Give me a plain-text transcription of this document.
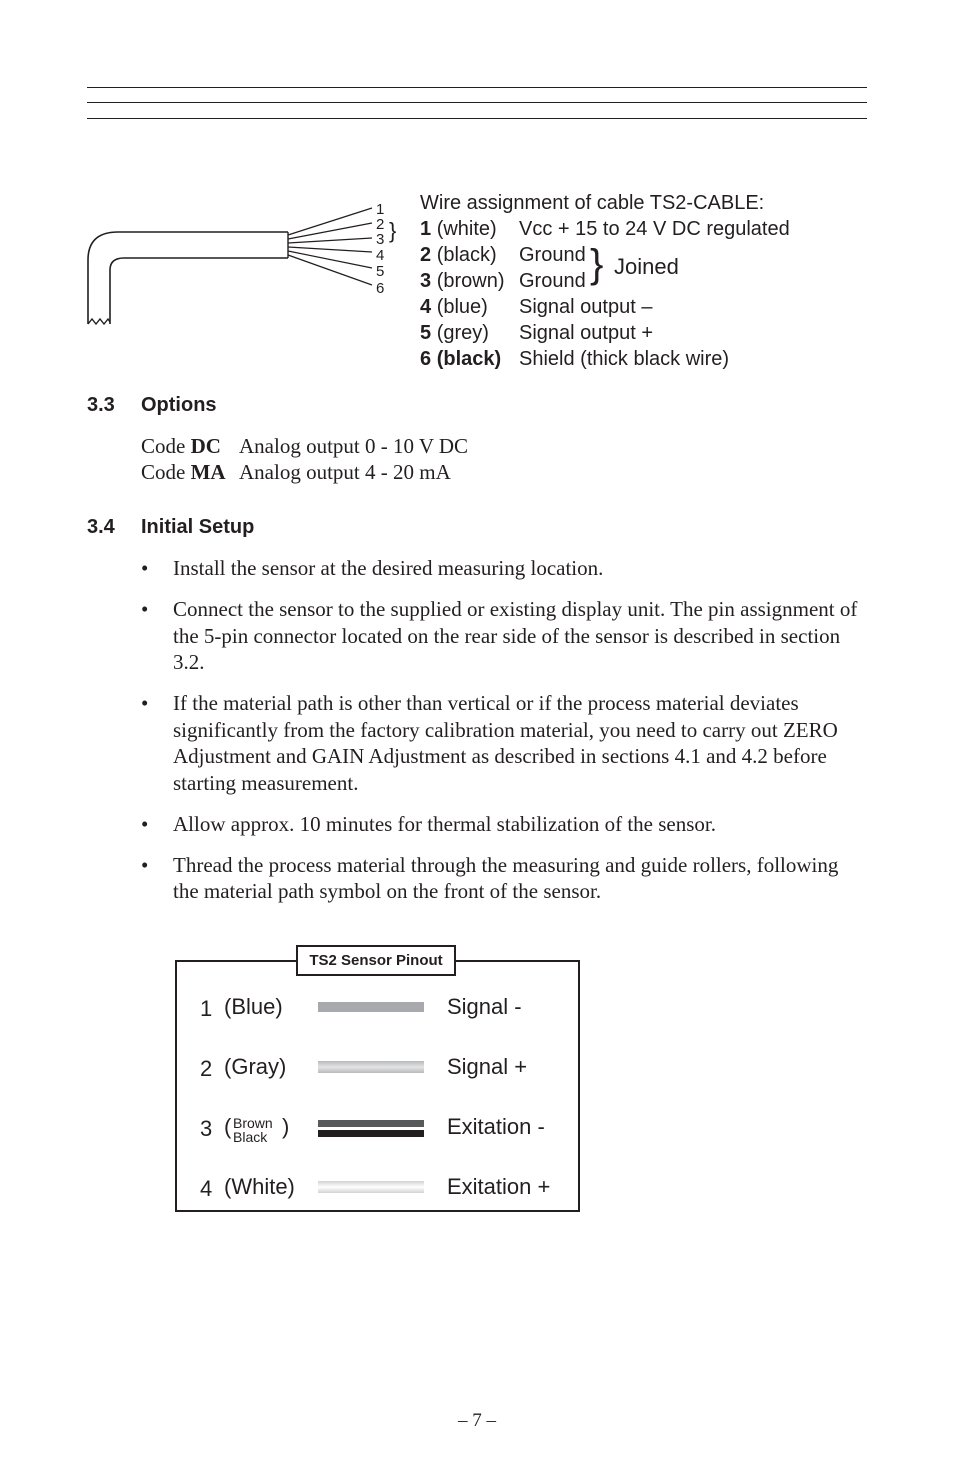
1
2
3
4
5
6
}
Wire assignment of cable TS2-CABLE:
1 (white) Vcc + 15 to 24 V DC regulated
2 (black) Ground
3 (brown) Ground
4 (blue) Signal output –
5 (grey) Signal output +
6 (black) Shield (thick black wire)
} Joined
3.3 Options
Code DC Analog output 0 - 10 V DC
Code MA Analog output 4 - 20 mA
3.4 Initial Setup
• Install the sensor at the desired measuring location.
• Connect the sensor to the supplied or existing display unit. The pin assignment of the 5-pin connector located on the rear side of the sensor is described in section 3.2.
• If the material path is other than vertical or if the process material deviates significantly from the factory calibration material, you need to carry out ZERO Adjustment and GAIN Adjustment as described in sections 4.1 and 4.2 before starting measurement.
• Allow approx. 10 minutes for thermal stabilization of the sensor.
• Thread the process material through the measuring and guide rollers, following the material path symbol on the front of the sensor.
1 (Blue)	Signal -
2 (Gray)	Signal +
3 ( Brown
Black )	Exitation -
4 (White)	Exitation +
TS2 Sensor Pinout
– 7 –
